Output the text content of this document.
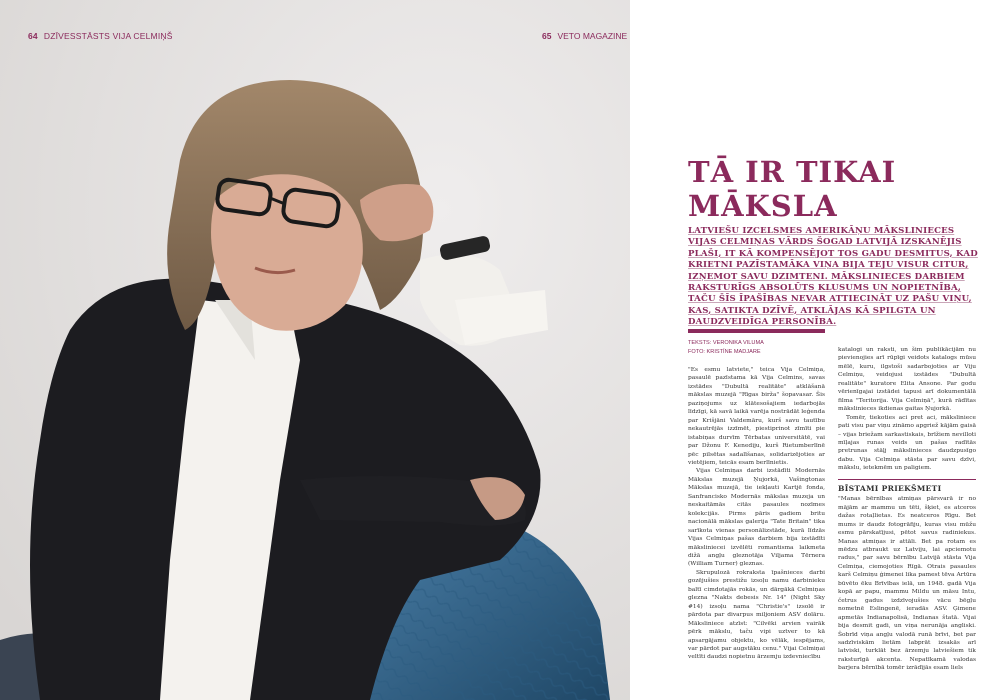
64 DZĪVESSTĀSTS VIJA CELMIŅŠ	65 VETO MAGAZINE
TĀ IR TIKAI
MĀKSLA
LATVIEŠU IZCELSMES AMERIKĀŅU MĀKSLINIECES VIJAS CELMIŅAS VĀRDS ŠOGAD LATVIJĀ IZSKANĒJIS PLAŠI, IT KĀ KOMPENSĒJOT TOS GADU DESMITUS, KAD KRIETNI PAZĪSTAMĀKA VIŅA BIJA TEJU VISUR CITUR, IZŅEMOT SAVU DZIMTENI. MĀKSLINIECES DARBIEM RAKSTURĪGS ABSOLŪTS KLUSUMS UN NOPIETNĪBA, TAČU ŠĪS ĪPAŠĪBAS NEVAR ATTIECINĀT UZ PAŠU VIŅU, KAS, SATIKTA DZĪVĒ, ATKLĀJAS KĀ SPILGTA UN DAUDZVEIDĪGA PERSONĪBA.
TEKSTS: VERONIKA VILUMA
FOTO: KRISTĪNE MADJARE

"Es esmu latviete," teica Vija Celmiņa, pasaulē pazīstama kā Vija Celmins, savas izstādes "Dubultā realitāte" atklāšanā mākslas muzejā "Rīgas birža" šopavasar. Šis paziņojums uz klātesošajiem iedarbojās līdzīgi, kā savā laikā varēja nostrādāt leģenda par Krišjāni Valdemāru, kurš savu tautību nekautrējās izzīmēt, piestiprinot zīmīti pie istabiņas durvīm Tērbatas universitātē, vai par Džonu F. Kenediju, kurš Rietumberlīnē pēc pilsētas sadalīšanas, solidarizējoties ar vietējiem, teicās esam berlīnietis.

Vijas Celmiņas darbi izstādīti Modernās Mākslas muzejā Ņujorkā, Vašingtonas Mākslas muzejā, tie iekļauti Kartjē fonda, Sanfrancisko Modernās mākslas muzeja un neskaitāmās citās pasaules nozīmes kolekcijās. Pirms pāris gadiem britu nacionālā mākslas galerija "Tate Britain" tika sarīkota vienas personālizstāde, kurā līdzās Vijas Celmiņas pašas darbiem bija izstādīti māksliniecei izvēlēti romantisma laikmeta dižā angļu gleznotāja Viljama Tērnera (William Turner) gleznas.

Skrupulozā rokraksta īpašnieces darbi gozējušies prestižu izsoļu namu darbinieku baltī cimdotajās rokās, un dārgākā Celmiņas glezna "Nakts debesis Nr. 14" (Night Sky #14) izsoļu nama "Christie's" izsolē ir pārdota par divarpus miljoniem ASV dolāru. Māksliniece atzīst: "Cilvēki arvien vairāk pērk mākslu, taču vipi uztver to kā apsargājamu objektu, ko vēlāk, iespējams, var pārdot par augstāku cenu." Vijai Celmiņai veltīti daudzi nopietnu ārzemju izdevniecību

katalogi un raksti, un šim publikācijām nu pievienojies arī rūpīgi veidots katalogs mūsu mēlē, kuru, ilgstoši sadarbojoties ar Viju Celmiņu, veidojusi izstādes "Dubultā realitāte" kuratore Elita Ansone. Par godu vērienīgajai izstādei tapusi arī dokumentālā filma "Teritorija. Vija Celmiņā", kurā rādītas mākslinieces ikdienas gaitas Ņujorkā.

Tomēr, tiekoties aci pret aci, māksliniece pati visu par viņu zināmo apgriež kājām gaisā – vijas briežam sarkastiskais, brīžiem nevilloti mīļajas runas veids un pašas radītās pretrunas stāļj mākslinieces daudzpusīgo dabu. Vija Celmiņa stāsta par savu dzīvi, mākslu, ietekmēm un paligiem.

BĪSTAMI PRIEKŠMETI

"Manas bērnības atmiņas pārsvarā ir no mājām ar mammu un tēti, šķiet, es atceros dažas rotaļlietas. Es neatceros Rīgu. Bet mums ir daudz fotogrāfiju, kuras visu mūžu esmu pārskatījusi, pētot savus radiniekus. Manas atmiņas ir attāli. Bet pa rotam es mēdzu atbraukt uz Latviju, lai apciemotu radus," par savu bērnību Latvijā stāsta Vija Celmiņa, ciemojoties Rīgā. Otrais pasaules karš Celmiņu ģimenei lika pamest tēva Artūra būvēto ēku Brīvības ielā, un 1948. gadā Vija kopā ar papu, mammu Mildu un māsu Intu, četrus gadus izdzīvojušies vācu bēgļu nometnē Eslingenē, ieradās ASV. Ģimene apmetās Indianapolisā, Indianas štatā. Vijai bija desmit gadi, un viņa nerunāja angliski. Šobrīd viņa angļu valodā runā brīvi, bet par sadzīviskām lietām labprāt izsakās arī latviski, turklāt bez ārzemju latviešiem tik raksturīgā akcenta. Nepatīkamā valodas barjera bērnībā tomēr izrādījās esam liels
